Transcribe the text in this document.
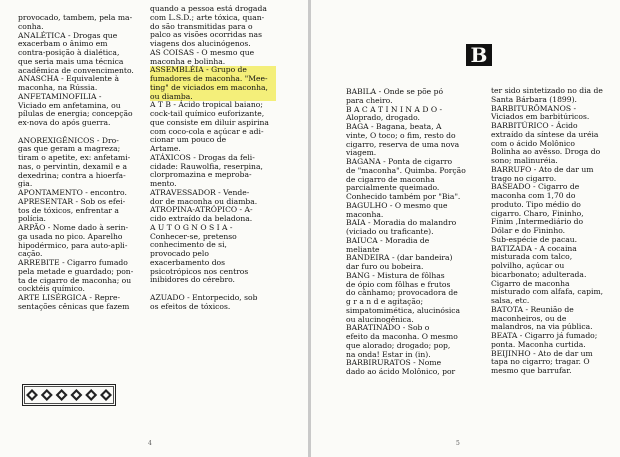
provocado, tambem, pela ma-

conha.

ANALÉTICA - Drogas que

exacerbam o ânimo em

contra-posição à dialética,

que seria mais uma técnica

acadêmica de convencimento.

ANASCHA - Equivalente à

maconha, na Rússia.

ANFETAMINOFILIA -

Viciado em anfetamina, ou

pílulas de energia; concepção

ex-nova do após guerra.

ANOREXIGÊNICOS - Dro-

gas que geram a magreza;

tiram o apetite, ex: anfetami-

nas, o pervintin, dexamil e a

dexedrina; contra a hioerfa-

gia.

APONTAMENTO - encontro.

APRESENTAR - Sob os efei-

tos de tóxicos, enfrentar a

polícia.

ARPÃO - Nome dado à serin-

ga usada no pico. Aparelho

hipodérmico, para auto-apli-

cação.

ARREBITE - Cigarro fumado

pela metade e guardado; pon-

ta de cigarro de maconha; ou

cocktéis químico.

ARTE LISÉRGICA - Repre-

sentações cênicas que fazem

quando a pessoa está drogada

com L.S.D.; arte tóxica, quan-

do são transmitidas para o

palco as visões ocorridas nas

viagens dos alucinógenos.

AS COISAS - O mesmo que

maconha e bolinha.

ASSEMBLÉIA - Grupo de

fumadores de maconha. "Mee-

ting" de viciados em maconha,

ou diamba.

A T B - Ácido tropical baiano;

cock-tail químico euforizante,

que consiste em diluir aspirina

com coco-cola e açúcar e adi-

cionar um pouco de

Artame.

ATÁXICOS - Drogas da feli-

cidade: Rauwolfia, reserpina,

clorpromazina e meproba-

mento.

ATRAVESSADOR - Vende-

dor de maconha ou diamba.

ATROPINA-ATRÓPICO - A-

cido extraído da beladona.

A U T O G N O S I A -

Conhecer-se, pretenso

conhecimento de si,

provocado pelo

exacerbamento dos

psicotrópicos nos centros

inibidores do cérebro.

AZUADO - Entorpecido, sob

os efeitos de tóxicos.

4

BABILA - Onde se põe pó

para cheiro.

B A C A T I N I N A D O -

Aloprado, drogado.

BAGA - Bagana, beata, A

vinte, O toco; o fim, resto do

cigarro, reserva de uma nova

viagem.

BAGANA - Ponta de cigarro

de "maconha". Quimba. Porção

de cigarro de maconha

parcialmente queimado.

Conhecido também por "Bia".

BAGULHO - O mesmo que

maconha.

BAIA - Moradia do malandro

(viciado ou traficante).

BAIUCA - Moradia de

meliante

BANDEIRA - (dar bandeira)

dar furo ou bobeira.

BANG - Mistura de fôlhas

de ópio com fôlhas e frutos

do cânhamo; provocadora de

g r a n d e agitação;

simpatomimética, alucinósica

ou alucinogênica.

BARATINADO - Sob o

efeito da maconha. O mesmo

que alorado; drogado; pop,

na onda! Estar in (in).

BARBIRURATOS - Nome

dado ao ácido Molônico, por

ter sido sintetizado no dia de

Santa Bárbara (1899).

BARBITURÔMANOS -

Viciados em barbitúricos.

BARBITÚRICO - Ácido

extraído da síntese da uréia

com o ácido Molônico

Bolinha ao avêsso. Droga do

sono; malinuréia.

BARRUFO - Ato de dar um

trago no cigarro.

BASEADO - Cigarro de

maconha com 1,70 do

produto. Tipo médio do

cigarro. Charo, Fininho,

Finim ,Intermediário do

Dólar e do Fininho.

Sub-espécie de pacau.

BATIZADA - A cocaina

misturada com talco,

polvilho, açúcar ou

bicarbonato; adulterada.

Cigarro de maconha

misturado com alfafa, capim,

salsa, etc.

BATOTA - Reunião de

maconheiros, ou de

malandros, na via pública.

BEATA - Cigarro já fumado;

ponta. Maconha curtida.

BEIJINHO - Ato de dar um

tapa no cigarro; tragar. O

mesmo que barrufar.

5
B
